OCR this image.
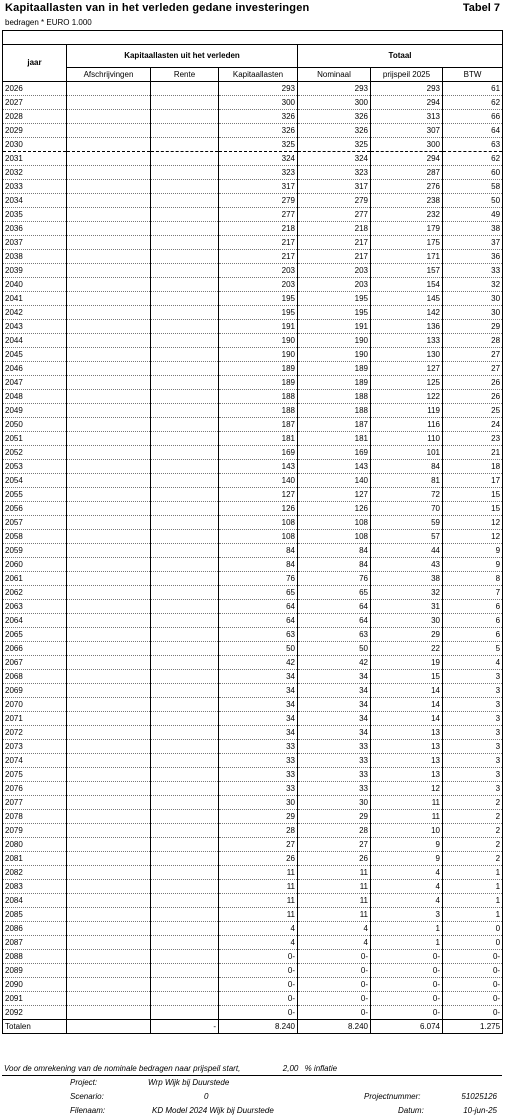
Kapitaallasten van in het verleden gedane investeringen	Tabel 7
bedragen * EURO 1.000

jaar	Kapitaallasten uit het verleden			Totaal		
	Afschrijvingen	Rente	Kapitaallasten	Nominaal	prijspeil 2025	BTW
2026			293	293	293	61
2027			300	300	294	62
2028			326	326	313	66
2029			326	326	307	64
2030			325	325	300	63
2031			324	324	294	62
2032			323	323	287	60
2033			317	317	276	58
2034			279	279	238	50
2035			277	277	232	49
2036			218	218	179	38
2037			217	217	175	37
2038			217	217	171	36
2039			203	203	157	33
2040			203	203	154	32
2041			195	195	145	30
2042			195	195	142	30
2043			191	191	136	29
2044			190	190	133	28
2045			190	190	130	27
2046			189	189	127	27
2047			189	189	125	26
2048			188	188	122	26
2049			188	188	119	25
2050			187	187	116	24
2051			181	181	110	23
2052			169	169	101	21
2053			143	143	84	18
2054			140	140	81	17
2055			127	127	72	15
2056			126	126	70	15
2057			108	108	59	12
2058			108	108	57	12
2059			84	84	44	9
2060			84	84	43	9
2061			76	76	38	8
2062			65	65	32	7
2063			64	64	31	6
2064			64	64	30	6
2065			63	63	29	6
2066			50	50	22	5
2067			42	42	19	4
2068			34	34	15	3
2069			34	34	14	3
2070			34	34	14	3
2071			34	34	14	3
2072			34	34	13	3
2073			33	33	13	3
2074			33	33	13	3
2075			33	33	13	3
2076			33	33	12	3
2077			30	30	11	2
2078			29	29	11	2
2079			28	28	10	2
2080			27	27	9	2
2081			26	26	9	2
2082			11	11	4	1
2083			11	11	4	1
2084			11	11	4	1
2085			11	11	3	1
2086			4	4	1	0
2087			4	4	1	0
2088			0-	0-	0-	0-
2089			0-	0-	0-	0-
2090			0-	0-	0-	0-
2091			0-	0-	0-	0-
2092			0-	0-	0-	0-
Totalen		-	8.240	8.240	6.074	1.275
Voor de omrekening van de nominale bedragen naar prijspeil start,	2,00 % inflatie
Project:	Wrp Wijk bij Duurstede
Scenario:	0	Projectnummer:	51025126
Filenaam:	KD Model 2024 Wijk bij Duurstede	Datum:	10-jun-25
